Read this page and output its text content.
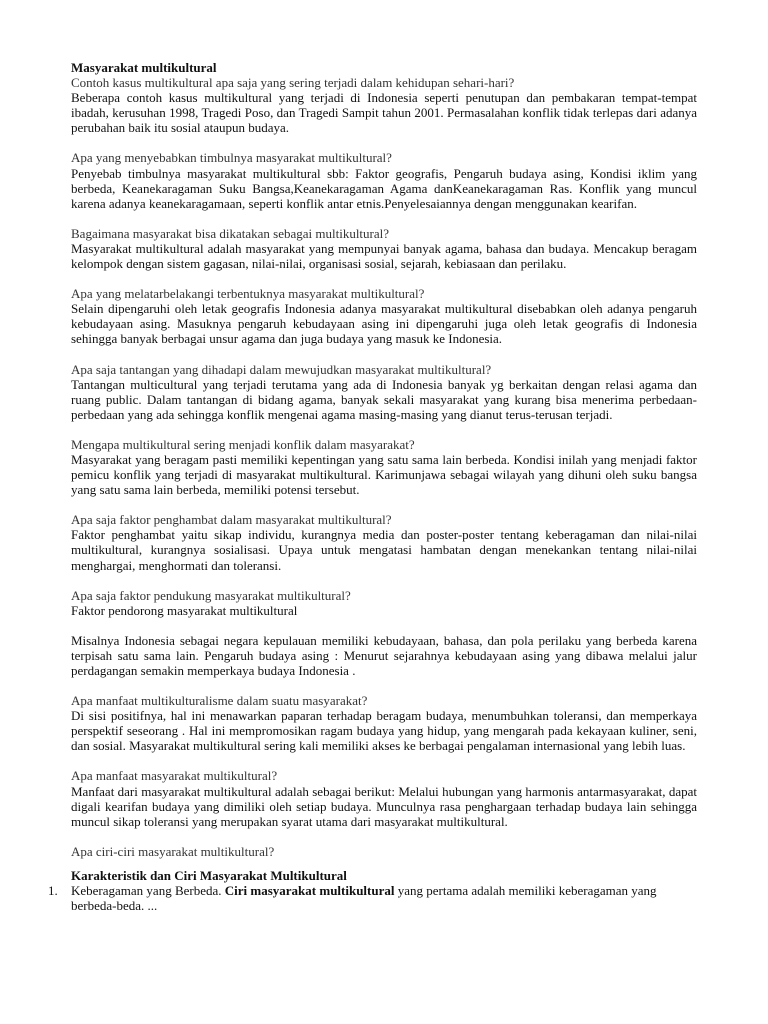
Masyarakat multikultural

Contoh kasus multikultural apa saja yang sering terjadi dalam kehidupan sehari-hari?

Beberapa contoh kasus multikultural yang terjadi di Indonesia seperti penutupan dan pembakaran tempat-tempat ibadah, kerusuhan 1998, Tragedi Poso, dan Tragedi Sampit tahun 2001. Permasalahan konflik tidak terlepas dari adanya perubahan baik itu sosial ataupun budaya.

Apa yang menyebabkan timbulnya masyarakat multikultural?

Penyebab timbulnya masyarakat multikultural sbb: Faktor geografis, Pengaruh budaya asing, Kondisi iklim yang berbeda, Keanekaragaman Suku Bangsa,Keanekaragaman Agama danKeanekaragaman Ras. Konflik yang muncul karena adanya keanekaragamaan, seperti konflik antar etnis.Penyelesaiannya dengan menggunakan kearifan.

Bagaimana masyarakat bisa dikatakan sebagai multikultural?

Masyarakat multikultural adalah masyarakat yang mempunyai banyak agama, bahasa dan budaya. Mencakup beragam kelompok dengan sistem gagasan, nilai-nilai, organisasi sosial, sejarah, kebiasaan dan perilaku.

Apa yang melatarbelakangi terbentuknya masyarakat multikultural?

Selain dipengaruhi oleh letak geografis Indonesia adanya masyarakat multikultural disebabkan oleh adanya pengaruh kebudayaan asing. Masuknya pengaruh kebudayaan asing ini dipengaruhi juga oleh letak geografis di Indonesia sehingga banyak berbagai unsur agama dan juga budaya yang masuk ke Indonesia.

Apa saja tantangan yang dihadapi dalam mewujudkan masyarakat multikultural?

Tantangan multicultural yang terjadi terutama yang ada di Indonesia banyak yg berkaitan dengan relasi agama dan ruang public. Dalam tantangan di bidang agama, banyak sekali masyarakat yang kurang bisa menerima perbedaan-perbedaan yang ada sehingga konflik mengenai agama masing-masing yang dianut terus-terusan terjadi.

Mengapa multikultural sering menjadi konflik dalam masyarakat?

Masyarakat yang beragam pasti memiliki kepentingan yang satu sama lain berbeda. Kondisi inilah yang menjadi faktor pemicu konflik yang terjadi di masyarakat multikultural. Karimunjawa sebagai wilayah yang dihuni oleh suku bangsa yang satu sama lain berbeda, memiliki potensi tersebut.

Apa saja faktor penghambat dalam masyarakat multikultural?

Faktor penghambat yaitu sikap individu, kurangnya media dan poster-poster tentang keberagaman dan nilai-nilai multikultural, kurangnya sosialisasi. Upaya untuk mengatasi hambatan dengan menekankan tentang nilai-nilai menghargai, menghormati dan toleransi.

Apa saja faktor pendukung masyarakat multikultural?

Faktor pendorong masyarakat multikultural

Misalnya Indonesia sebagai negara kepulauan memiliki kebudayaan, bahasa, dan pola perilaku yang berbeda karena terpisah satu sama lain. Pengaruh budaya asing : Menurut sejarahnya kebudayaan asing yang dibawa melalui jalur perdagangan semakin memperkaya budaya Indonesia .

Apa manfaat multikulturalisme dalam suatu masyarakat?

Di sisi positifnya, hal ini menawarkan paparan terhadap beragam budaya, menumbuhkan toleransi, dan memperkaya perspektif seseorang . Hal ini mempromosikan ragam budaya yang hidup, yang mengarah pada kekayaan kuliner, seni, dan sosial. Masyarakat multikultural sering kali memiliki akses ke berbagai pengalaman internasional yang lebih luas.

Apa manfaat masyarakat multikultural?

Manfaat dari masyarakat multikultural adalah sebagai berikut: Melalui hubungan yang harmonis antarmasyarakat, dapat digali kearifan budaya yang dimiliki oleh setiap budaya. Munculnya rasa penghargaan terhadap budaya lain sehingga muncul sikap toleransi yang merupakan syarat utama dari masyarakat multikultural.

Apa ciri-ciri masyarakat multikultural?

Karakteristik dan Ciri Masyarakat Multikultural

1. Keberagaman yang Berbeda. Ciri masyarakat multikultural yang pertama adalah memiliki keberagaman yang berbeda-beda. ...
